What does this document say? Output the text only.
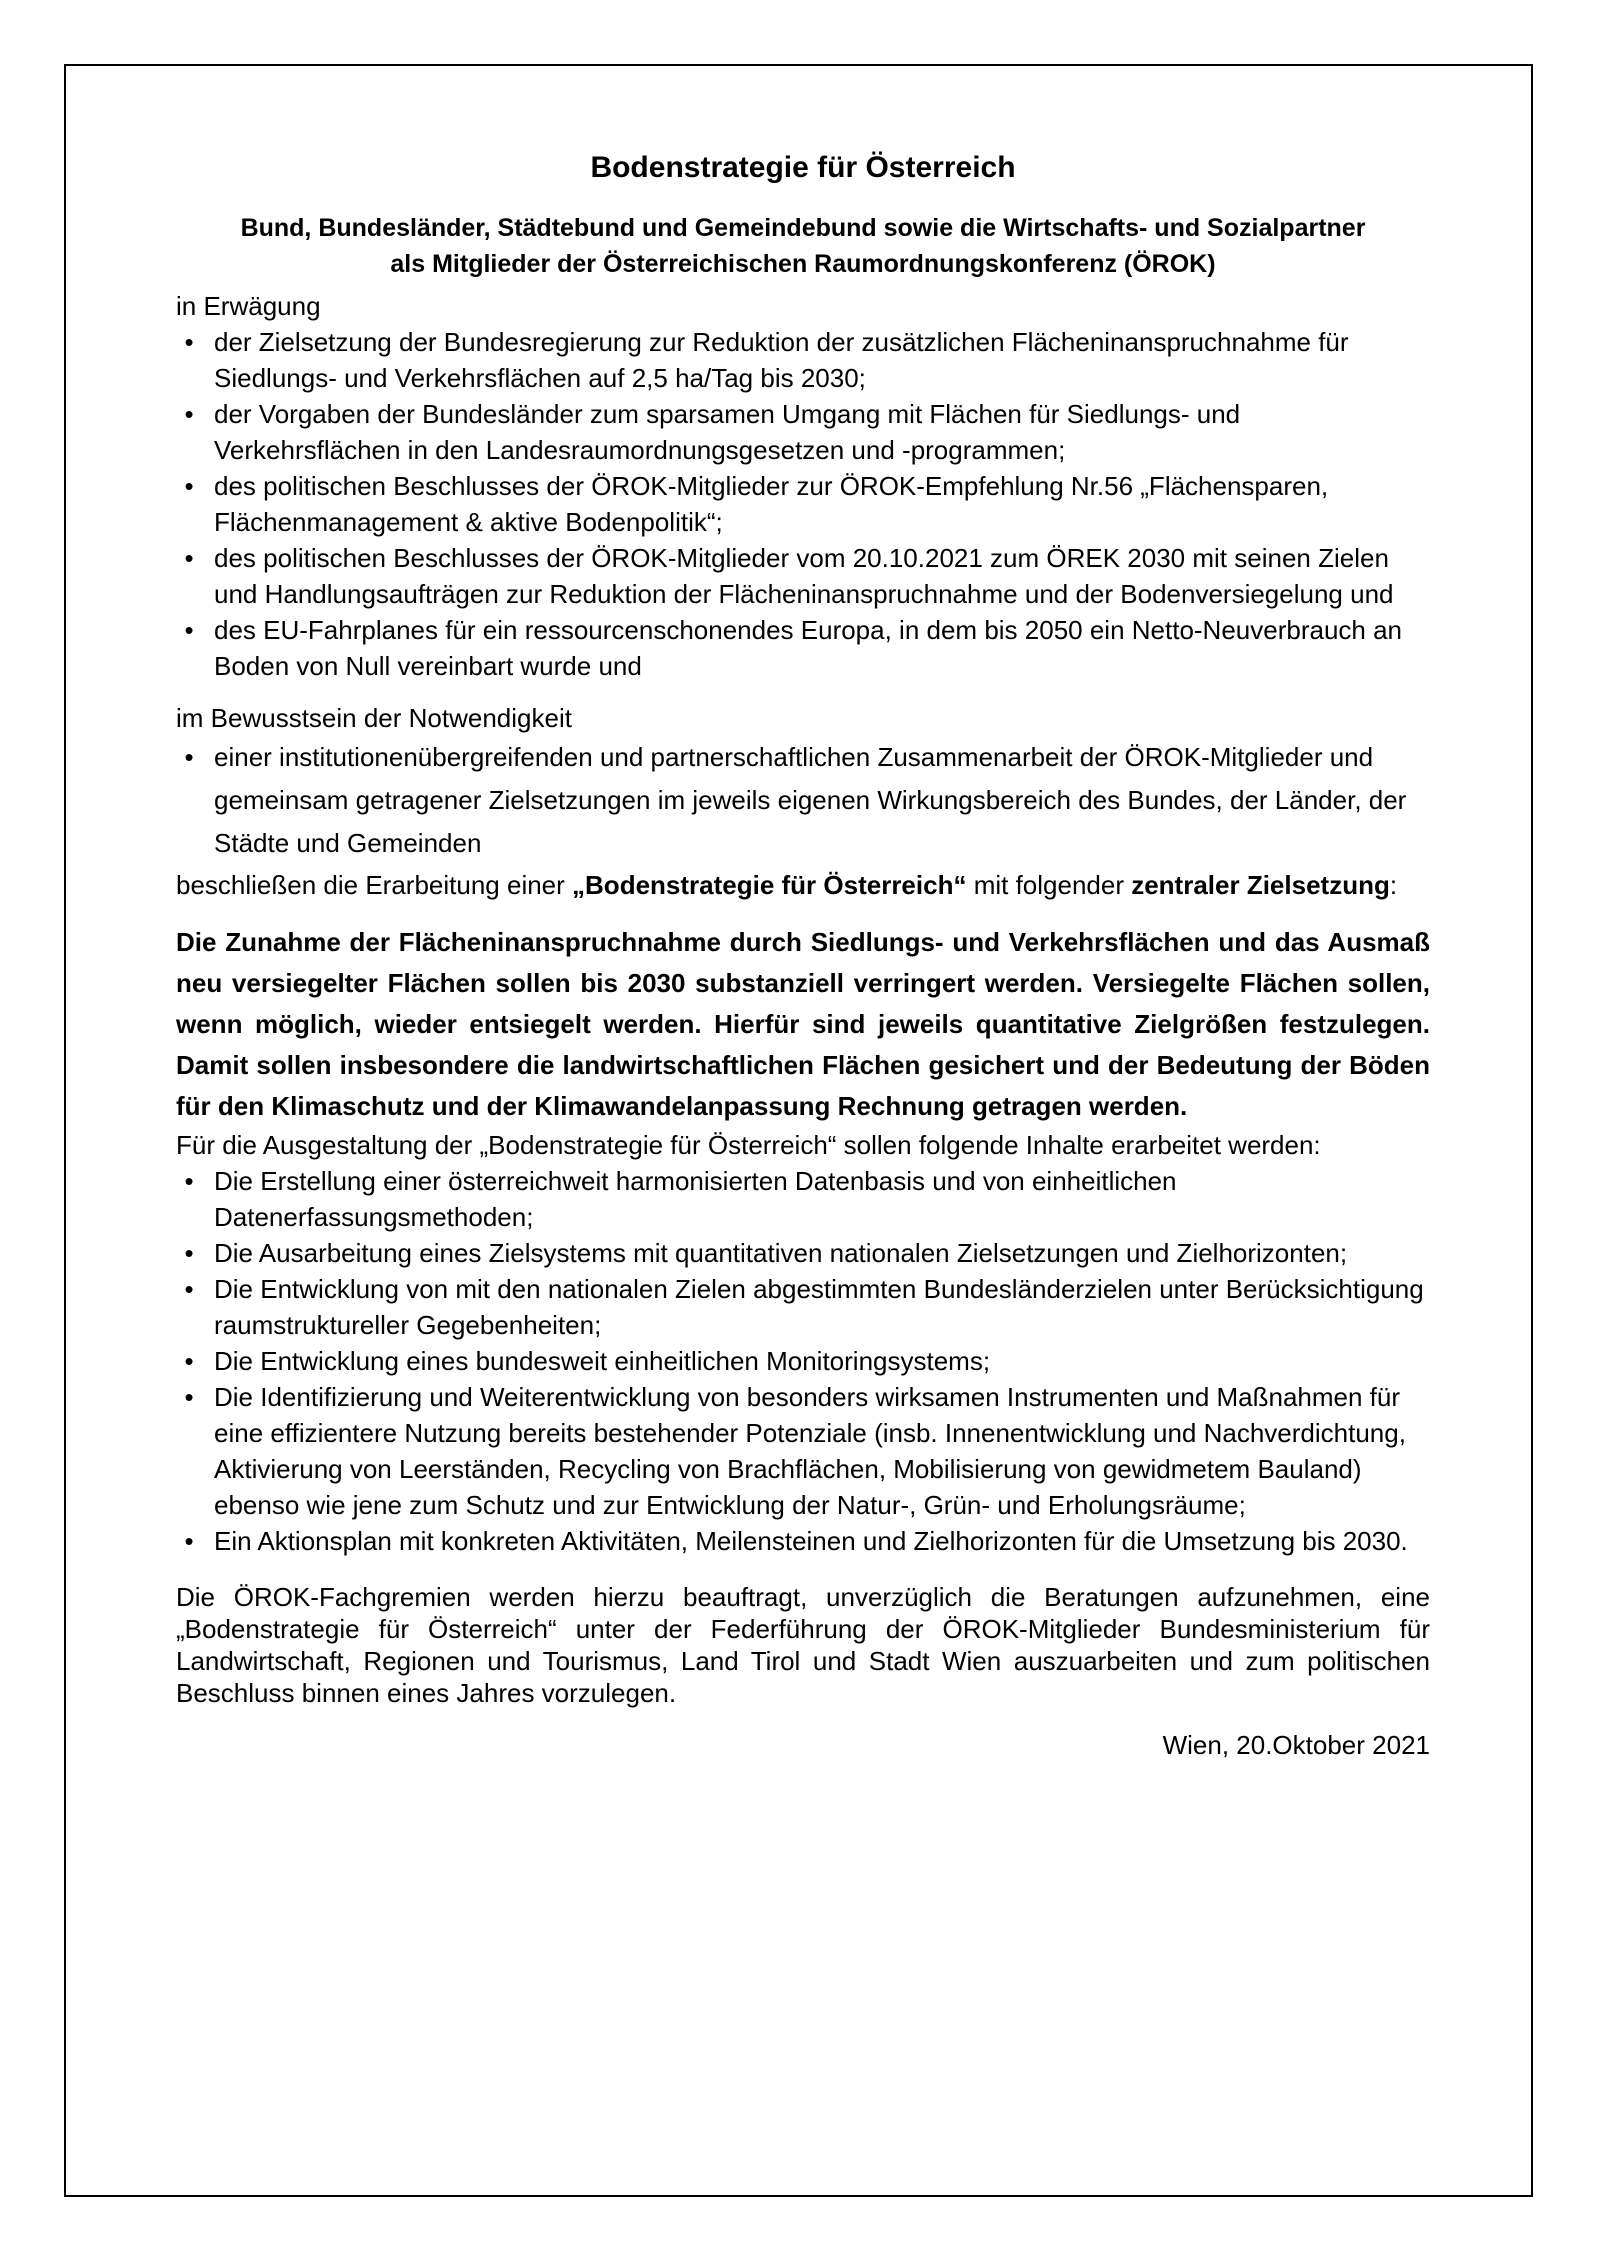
Bodenstrategie für Österreich
Bund, Bundesländer, Städtebund und Gemeindebund sowie die Wirtschafts- und Sozialpartner
als Mitglieder der Österreichischen Raumordnungskonferenz (ÖROK)

in Erwägung

• der Zielsetzung der Bundesregierung zur Reduktion der zusätzlichen Flächeninanspruchnahme für Siedlungs- und Verkehrsflächen auf 2,5 ha/Tag bis 2030;
• der Vorgaben der Bundesländer zum sparsamen Umgang mit Flächen für Siedlungs- und Verkehrsflächen in den Landesraumordnungsgesetzen und -programmen;
• des politischen Beschlusses der ÖROK-Mitglieder zur ÖROK-Empfehlung Nr.56 „Flächensparen, Flächenmanagement & aktive Bodenpolitik“;
• des politischen Beschlusses der ÖROK-Mitglieder vom 20.10.2021 zum ÖREK 2030 mit seinen Zielen und Handlungsaufträgen zur Reduktion der Flächeninanspruchnahme und der Bodenversiegelung und
• des EU-Fahrplanes für ein ressourcenschonendes Europa, in dem bis 2050 ein Netto-Neuverbrauch an Boden von Null vereinbart wurde und

im Bewusstsein der Notwendigkeit

• einer institutionenübergreifenden und partnerschaftlichen Zusammenarbeit der ÖROK-Mitglieder und gemeinsam getragener Zielsetzungen im jeweils eigenen Wirkungsbereich des Bundes, der Länder, der Städte und Gemeinden

beschließen die Erarbeitung einer „Bodenstrategie für Österreich“ mit folgender zentraler Zielsetzung:

Die Zunahme der Flächeninanspruchnahme durch Siedlungs- und Verkehrsflächen und das Ausmaß neu versiegelter Flächen sollen bis 2030 substanziell verringert werden. Versiegelte Flächen sollen, wenn möglich, wieder entsiegelt werden. Hierfür sind jeweils quantitative Zielgrößen festzulegen. Damit sollen insbesondere die landwirtschaftlichen Flächen gesichert und der Bedeutung der Böden für den Klimaschutz und der Klimawandelanpassung Rechnung getragen werden.

Für die Ausgestaltung der „Bodenstrategie für Österreich“ sollen folgende Inhalte erarbeitet werden:

• Die Erstellung einer österreichweit harmonisierten Datenbasis und von einheitlichen Datenerfassungsmethoden;
• Die Ausarbeitung eines Zielsystems mit quantitativen nationalen Zielsetzungen und Zielhorizonten;
• Die Entwicklung von mit den nationalen Zielen abgestimmten Bundesländerzielen unter Berücksichtigung raumstruktureller Gegebenheiten;
• Die Entwicklung eines bundesweit einheitlichen Monitoringsystems;
• Die Identifizierung und Weiterentwicklung von besonders wirksamen Instrumenten und Maßnahmen für eine effizientere Nutzung bereits bestehender Potenziale (insb. Innenentwicklung und Nachverdichtung, Aktivierung von Leerständen, Recycling von Brachflächen, Mobilisierung von gewidmetem Bauland) ebenso wie jene zum Schutz und zur Entwicklung der Natur-, Grün- und Erholungsräume;
• Ein Aktionsplan mit konkreten Aktivitäten, Meilensteinen und Zielhorizonten für die Umsetzung bis 2030.

Die ÖROK-Fachgremien werden hierzu beauftragt, unverzüglich die Beratungen aufzunehmen, eine „Bodenstrategie für Österreich“ unter der Federführung der ÖROK-Mitglieder Bundesministerium für Landwirtschaft, Regionen und Tourismus, Land Tirol und Stadt Wien auszuarbeiten und zum politischen Beschluss binnen eines Jahres vorzulegen.

Wien, 20.Oktober 2021
